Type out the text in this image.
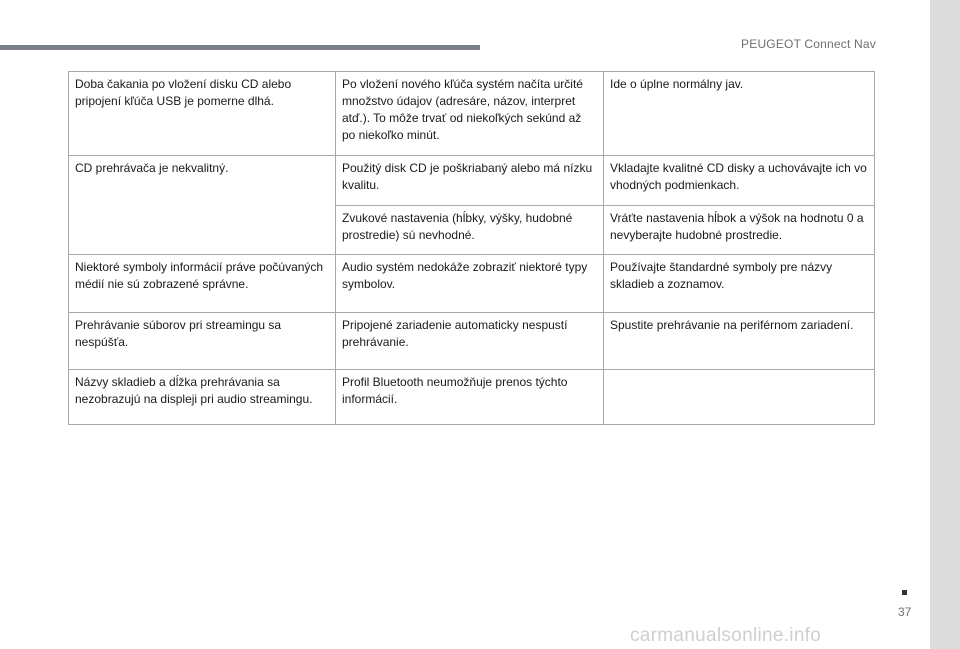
PEUGEOT Connect Nav
Doba čakania po vložení disku CD alebo pripojení kľúča USB je pomerne dlhá.	Po vložení nového kľúča systém načíta určité množstvo údajov (adresáre, názov, interpret atď.). To môže trvať od niekoľkých sekúnd až po niekoľko minút.	Ide o úplne normálny jav.
CD prehrávača je nekvalitný.	Použitý disk CD je poškriabaný alebo má nízku kvalitu.	Vkladajte kvalitné CD disky a uchovávajte ich vo vhodných podmienkach.
	Zvukové nastavenia (hĺbky, výšky, hudobné prostredie) sú nevhodné.	Vráťte nastavenia hĺbok a výšok na hodnotu 0 a nevyberajte hudobné prostredie.
Niektoré symboly informácií práve počúvaných médií nie sú zobrazené správne.	Audio systém nedokáže zobraziť niektoré typy symbolov.	Používajte štandardné symboly pre názvy skladieb a zoznamov.
Prehrávanie súborov pri streamingu sa nespúšťa.	Pripojené zariadenie automaticky nespustí prehrávanie.	Spustite prehrávanie na periférnom zariadení.
Názvy skladieb a dĺžka prehrávania sa nezobrazujú na displeji pri audio streamingu.	Profil Bluetooth neumožňuje prenos týchto informácií.	
37
carmanualsonline.info
